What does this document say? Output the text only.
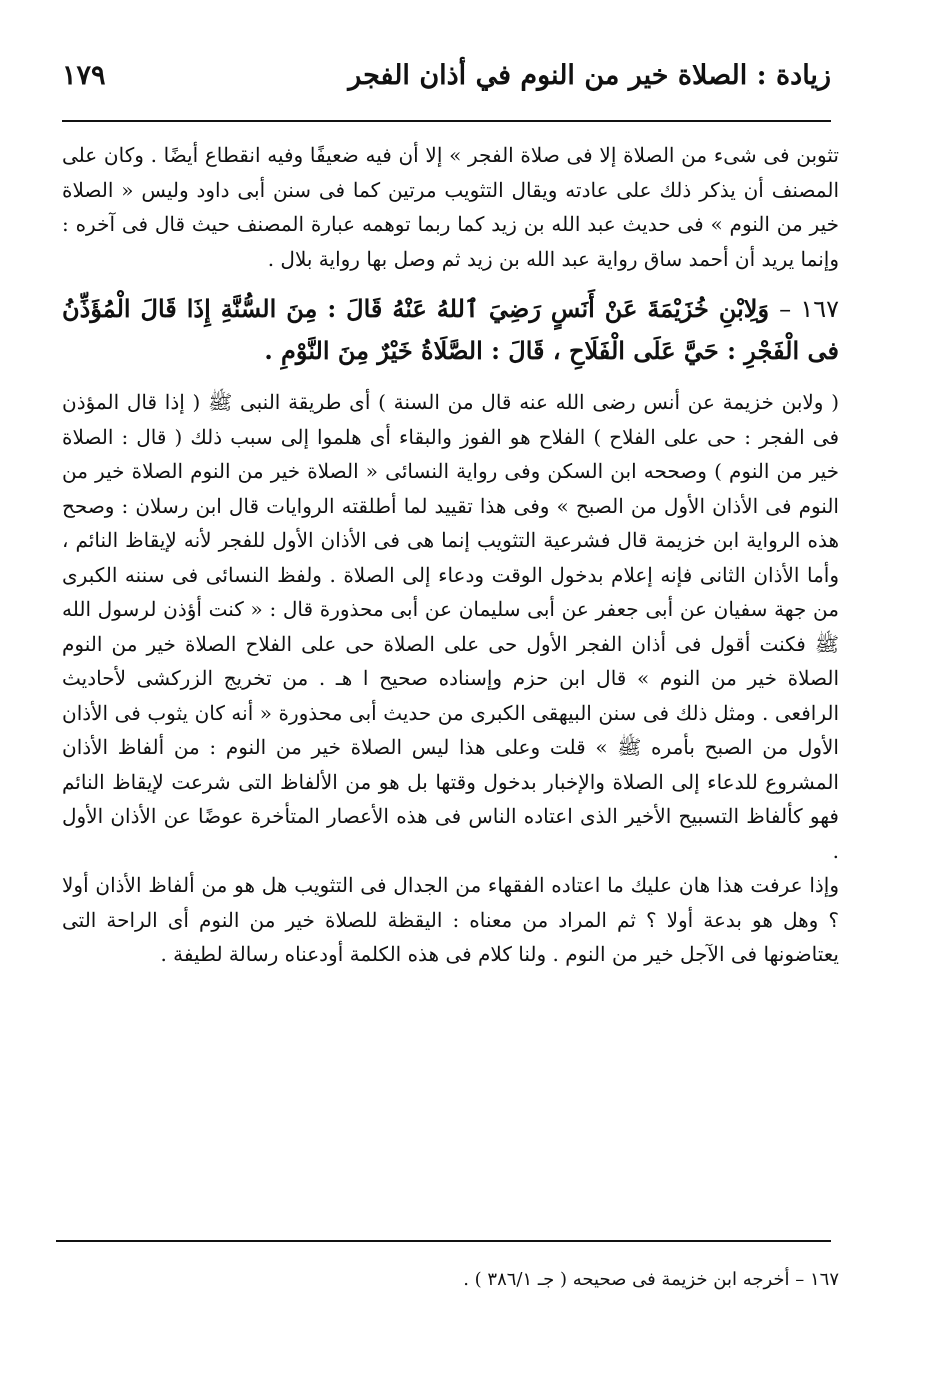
زيادة : الصلاة خير من النوم في أذان الفجر
١٧٩

تثوبن فى شىء من الصلاة إلا فى صلاة الفجر » إلا أن فيه ضعيفًا وفيه انقطاع أيضًا . وكان على المصنف أن يذكر ذلك على عادته ويقال التثويب مرتين كما فى سنن أبى داود وليس « الصلاة خير من النوم » فى حديث عبد الله بن زيد كما ربما توهمه عبارة المصنف حيث قال فى آخره : وإنما يريد أن أحمد ساق رواية عبد الله بن زيد ثم وصل بها رواية بلال .

١٦٧ – وَلِابْنِ خُزَيْمَةَ عَنْ أَنَسٍ رَضِيَ ٱللهُ عَنْهُ قَالَ : مِنَ السُّنَّةِ إِذَا قَالَ الْمُؤَذِّنُ فى الْفَجْرِ : حَيَّ عَلَى الْفَلَاحِ ، قَالَ : الصَّلَاةُ خَيْرٌ مِنَ النَّوْمِ .

( ولابن خزيمة عن أنس رضى الله عنه قال من السنة ) أى طريقة النبى ﷺ ( إذا قال المؤذن فى الفجر : حى على الفلاح ) الفلاح هو الفوز والبقاء أى هلموا إلى سبب ذلك ( قال : الصلاة خير من النوم ) وصححه ابن السكن وفى رواية النسائى « الصلاة خير من النوم الصلاة خير من النوم فى الأذان الأول من الصبح » وفى هذا تقييد لما أطلقته الروايات قال ابن رسلان : وصحح هذه الرواية ابن خزيمة قال فشرعية التثويب إنما هى فى الأذان الأول للفجر لأنه لإيقاظ النائم ، وأما الأذان الثانى فإنه إعلام بدخول الوقت ودعاء إلى الصلاة . ولفظ النسائى فى سننه الكبرى من جهة سفيان عن أبى جعفر عن أبى سليمان عن أبى محذورة قال : « كنت أؤذن لرسول الله ﷺ فكنت أقول فى أذان الفجر الأول حى على الصلاة حى على الفلاح الصلاة خير من النوم الصلاة خير من النوم » قال ابن حزم وإسناده صحيح ا هـ . من تخريج الزركشى لأحاديث الرافعى . ومثل ذلك فى سنن البيهقى الكبرى من حديث أبى محذورة « أنه كان يثوب فى الأذان الأول من الصبح بأمره ﷺ » قلت وعلى هذا ليس الصلاة خير من النوم : من ألفاظ الأذان المشروع للدعاء إلى الصلاة والإخبار بدخول وقتها بل هو من الألفاظ التى شرعت لإيقاظ النائم فهو كألفاظ التسبيح الأخير الذى اعتاده الناس فى هذه الأعصار المتأخرة عوضًا عن الأذان الأول .

وإذا عرفت هذا هان عليك ما اعتاده الفقهاء من الجدال فى التثويب هل هو من ألفاظ الأذان أولا ؟ وهل هو بدعة أولا ؟ ثم المراد من معناه : اليقظة للصلاة خير من النوم أى الراحة التى يعتاضونها فى الآجل خير من النوم . ولنا كلام فى هذه الكلمة أودعناه رسالة لطيفة .

١٦٧ – أخرجه ابن خزيمة فى صحيحه ( جـ ٣٨٦/١ ) .
